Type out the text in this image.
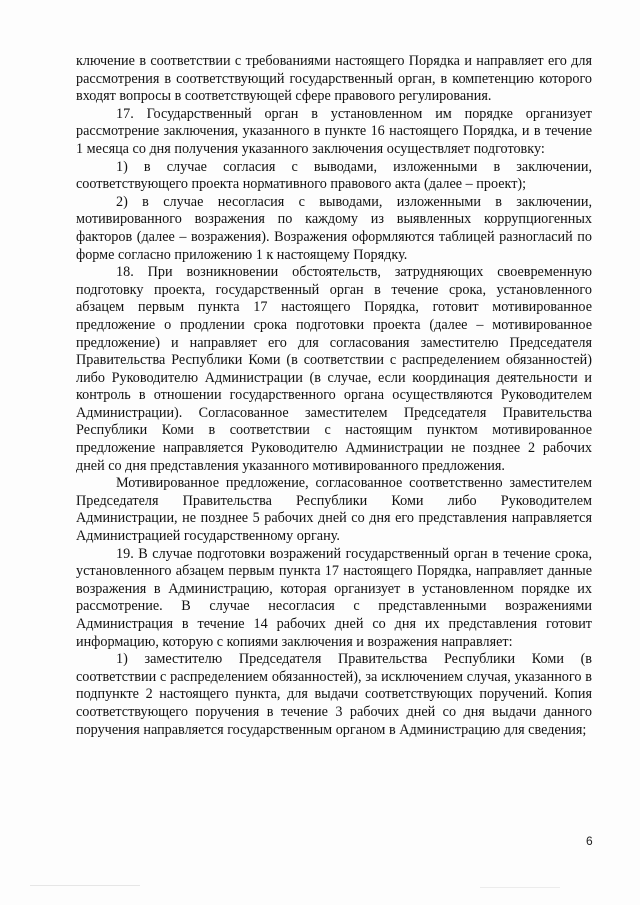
ключение в соответствии с требованиями настоящего Порядка и направляет его для рассмотрения в соответствующий государственный орган, в компетенцию которого входят вопросы в соответствующей сфере правового регулирования.

17. Государственный орган в установленном им порядке организует рассмотрение заключения, указанного в пункте 16 настоящего Порядка, и в течение 1 месяца со дня получения указанного заключения осуществляет подготовку:

1) в случае согласия с выводами, изложенными в заключении, соответствующего проекта нормативного правового акта (далее – проект);

2) в случае несогласия с выводами, изложенными в заключении, мотивированного возражения по каждому из выявленных коррупциогенных факторов (далее – возражения). Возражения оформляются таблицей разногласий по форме согласно приложению 1 к настоящему Порядку.

18. При возникновении обстоятельств, затрудняющих своевременную подготовку проекта, государственный орган в течение срока, установленного абзацем первым пункта 17 настоящего Порядка, готовит мотивированное предложение о продлении срока подготовки проекта (далее – мотивированное предложение) и направляет его для согласования заместителю Председателя Правительства Республики Коми (в соответствии с распределением обязанностей) либо Руководителю Администрации (в случае, если координация деятельности и контроль в отношении государственного органа осуществляются Руководителем Администрации). Согласованное заместителем Председателя Правительства Республики Коми в соответствии с настоящим пунктом мотивированное предложение направляется Руководителю Администрации не позднее 2 рабочих дней со дня представления указанного мотивированного предложения.

Мотивированное предложение, согласованное соответственно заместителем Председателя Правительства Республики Коми либо Руководителем Администрации, не позднее 5 рабочих дней со дня его представления направляется Администрацией государственному органу.

19. В случае подготовки возражений государственный орган в течение срока, установленного абзацем первым пункта 17 настоящего Порядка, направляет данные возражения в Администрацию, которая организует в установленном порядке их рассмотрение. В случае несогласия с представленными возражениями Администрация в течение 14 рабочих дней со дня их представления готовит информацию, которую с копиями заключения и возражения направляет:

1) заместителю Председателя Правительства Республики Коми (в соответствии с распределением обязанностей), за исключением случая, указанного в подпункте 2 настоящего пункта, для выдачи соответствующих поручений. Копия соответствующего поручения в течение 3 рабочих дней со дня выдачи данного поручения направляется государственным органом в Администрацию для сведения;

6
